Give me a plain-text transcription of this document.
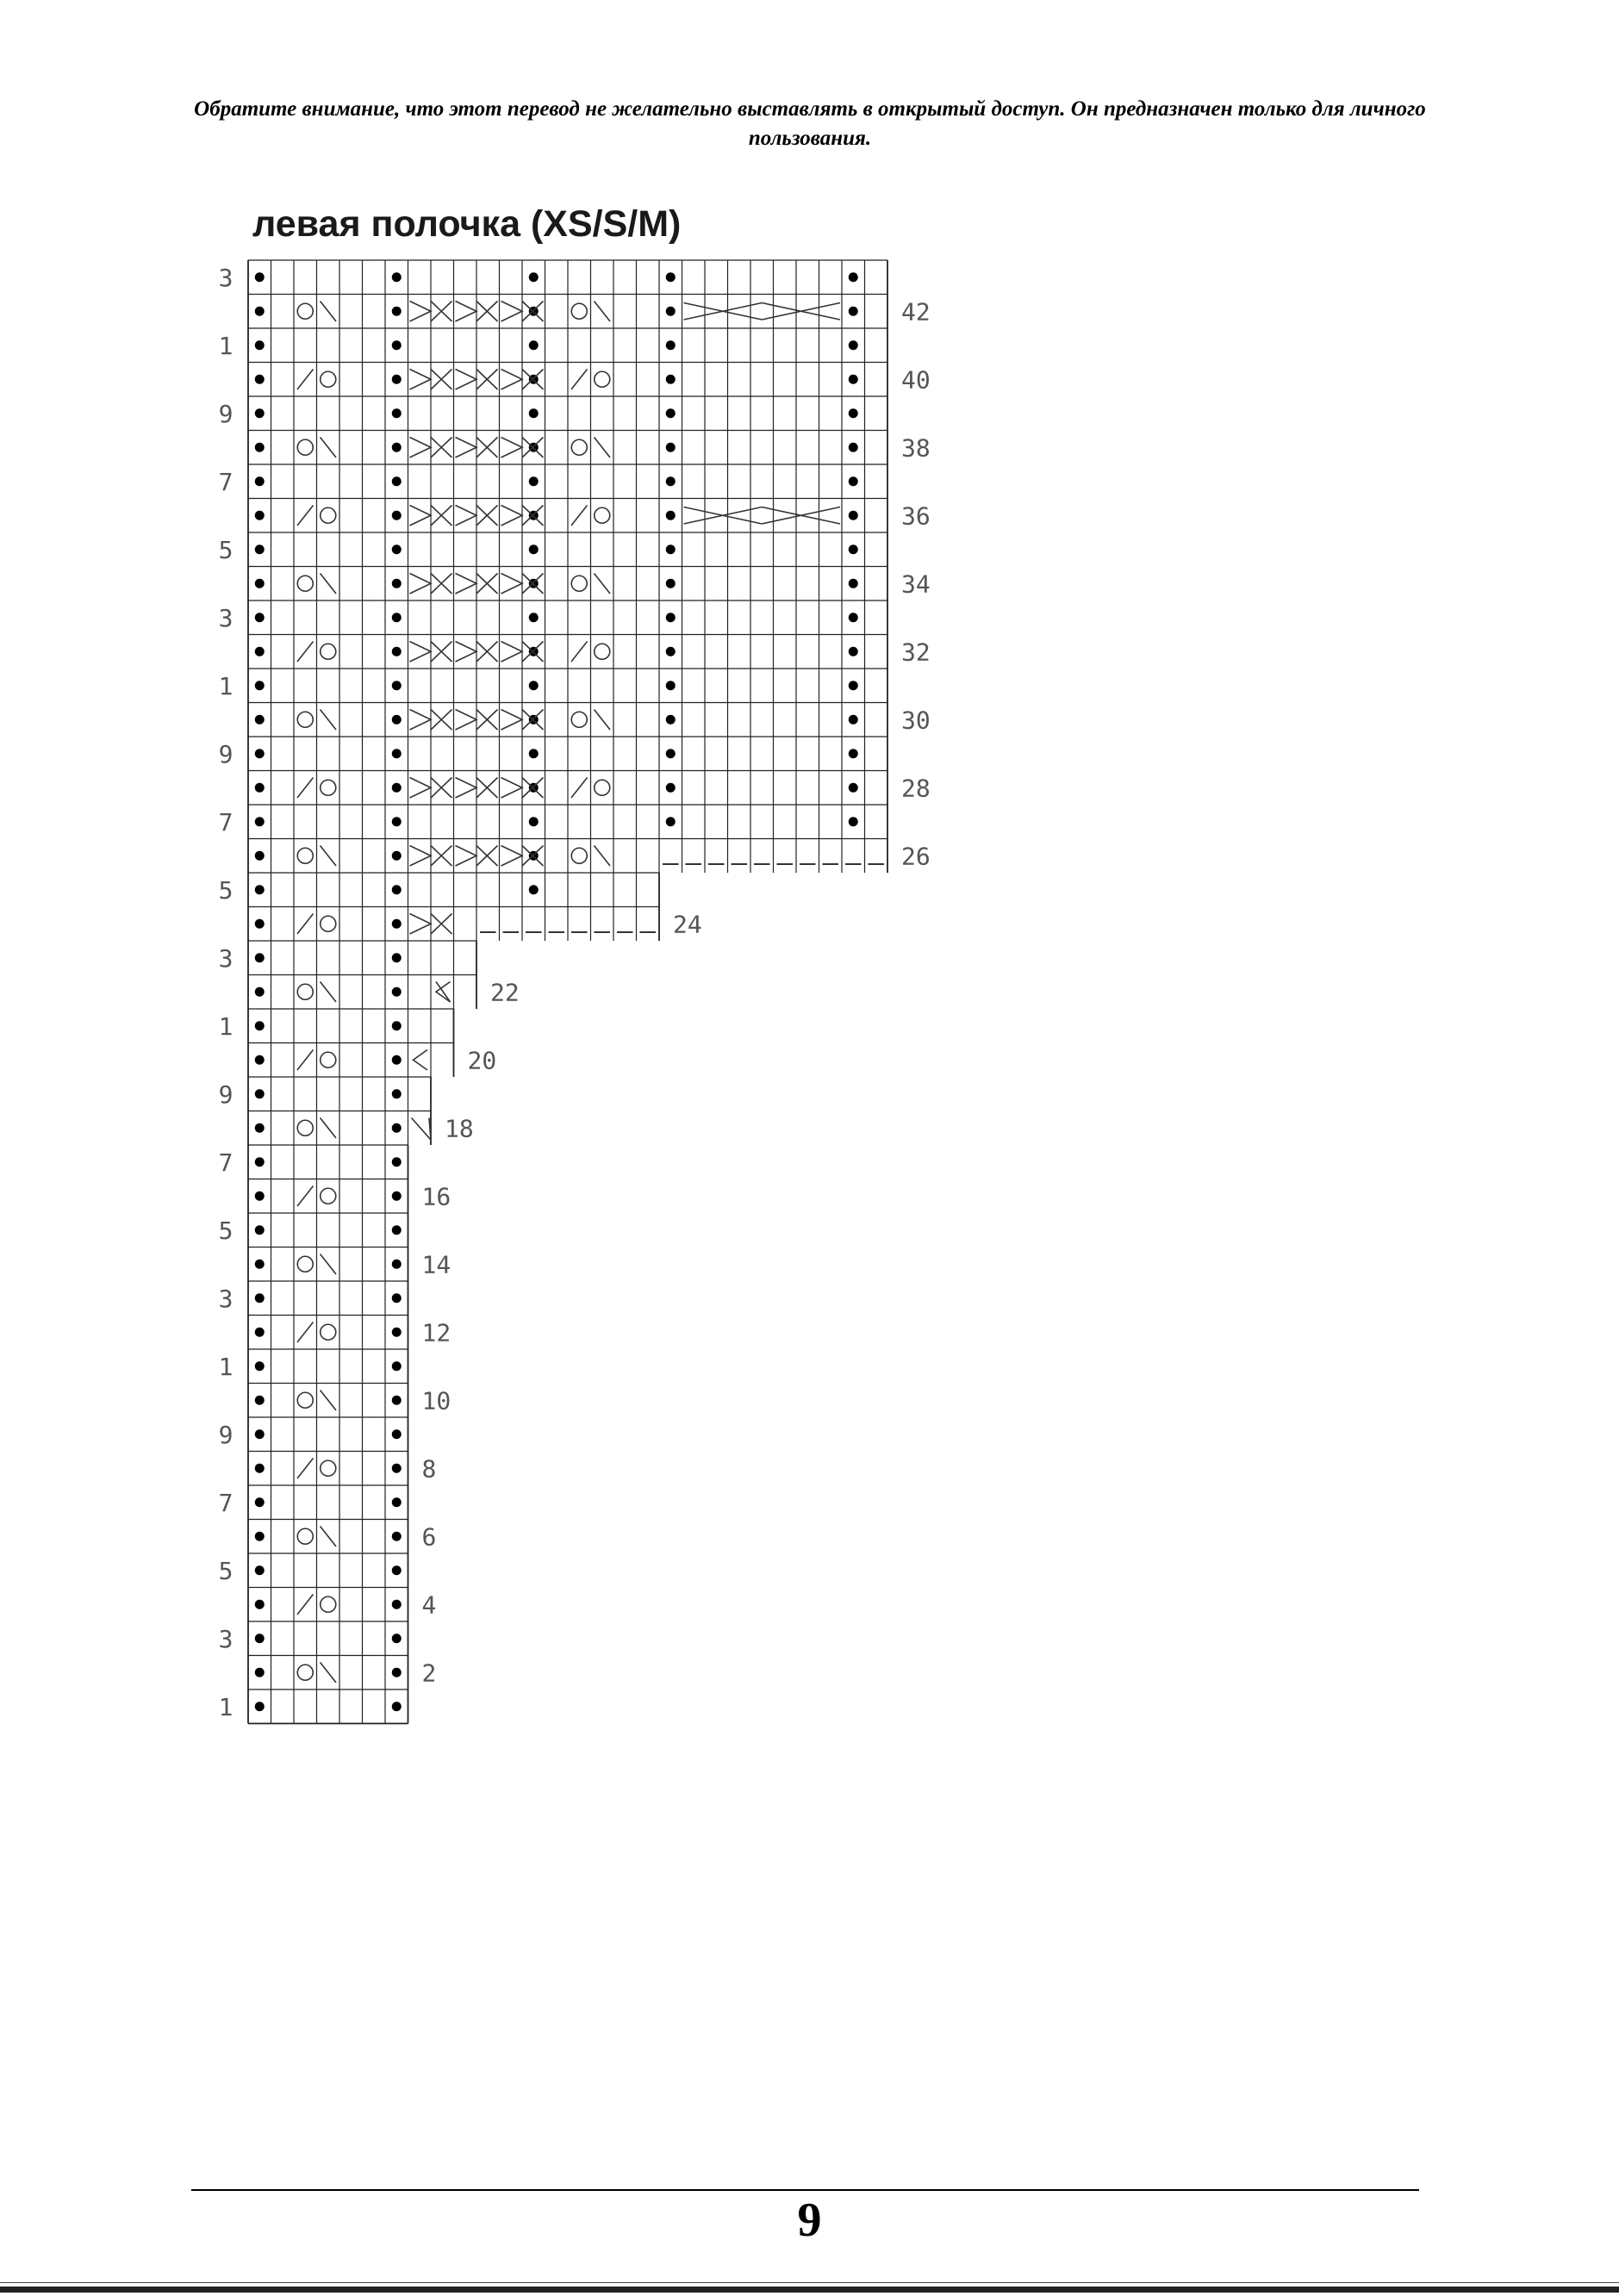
Обратите внимание, что этот перевод не желательно выставлять в открытый доступ. Он предназначен только для личного пользования.
левая полочка (XS/S/M)
3
1
9
7
5
3
1
9
7
5
3
1
9
7
5
3
1
9
7
5
3
1
42
40
38
36
34
32
30
28
26
24
22
20
18
16
14
12
10
8
6
4
2
9
